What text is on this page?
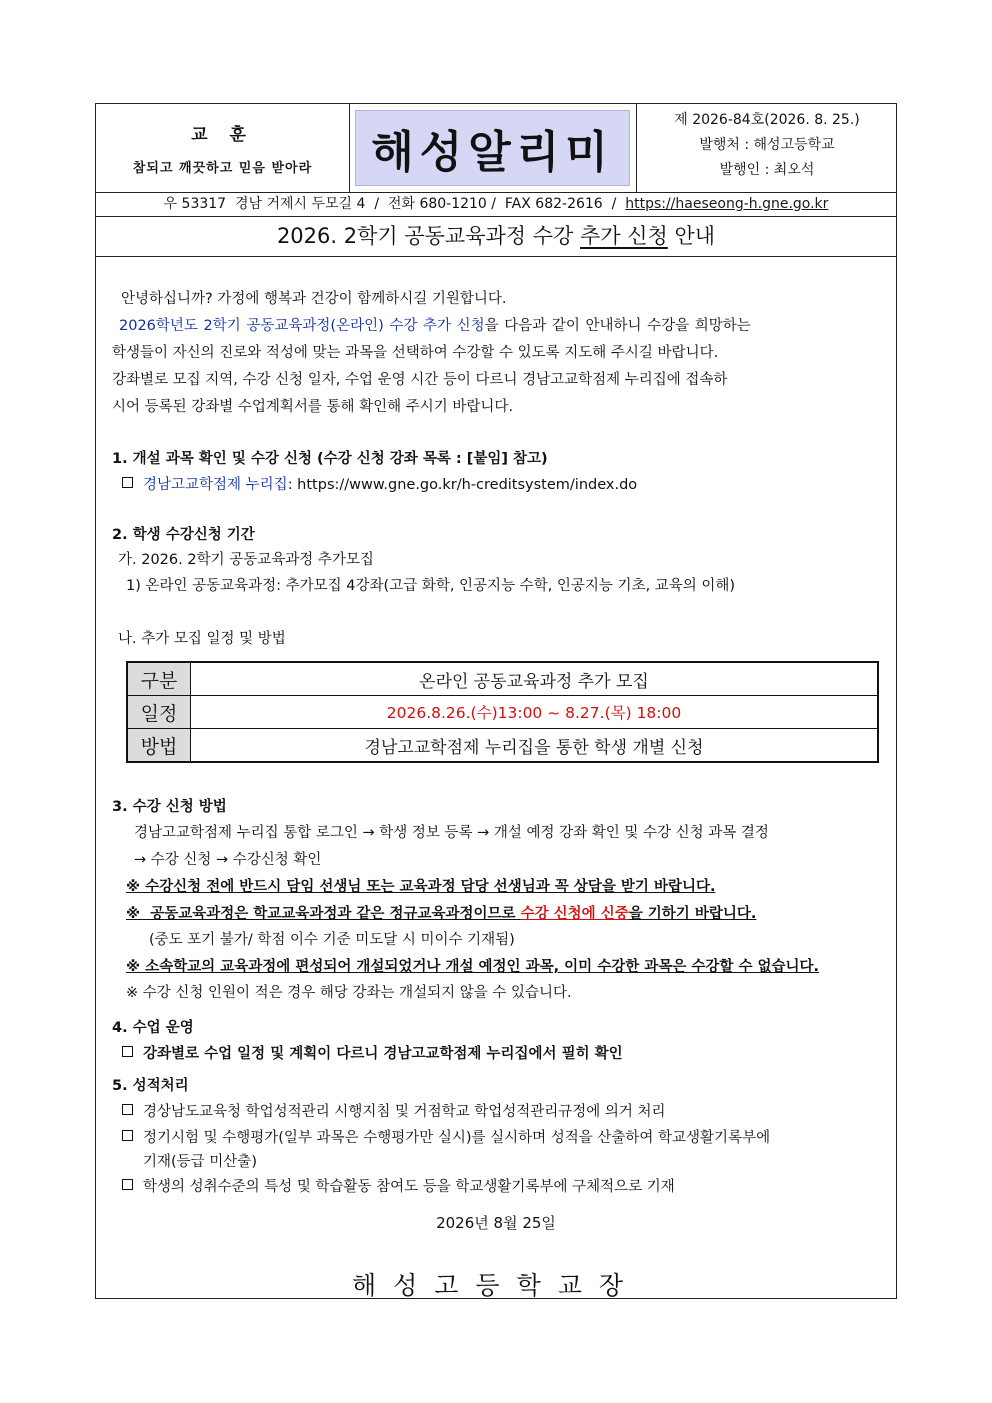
교 훈
참되고 깨끗하고 믿음 받아라	해성알리미
제 2026-84호(2026. 8. 25.)
발행처 : 해성고등학교
발행인 : 최오석
우 53317  경남 거제시 두모길 4  /  전화 680-1210 /  FAX 682-2616  /  https://haeseong-h.gne.go.kr
2026. 2학기 공동교육과정 수강 추가 신청 안내
안녕하십니까? 가정에 행복과 건강이 함께하시길 기원합니다.
2026학년도 2학기 공동교육과정(온라인) 수강 추가 신청을 다음과 같이 안내하니 수강을 희망하는
학생들이 자신의 진로와 적성에 맞는 과목을 선택하여 수강할 수 있도록 지도해 주시길 바랍니다.
강좌별로 모집 지역, 수강 신청 일자, 수업 운영 시간 등이 다르니 경남고교학점제 누리집에 접속하
시어 등록된 강좌별 수업계획서를 통해 확인해 주시기 바랍니다.
1. 개설 과목 확인 및 수강 신청 (수강 신청 강좌 목록 : [붙임] 참고)
경남고교학점제 누리집: https://www.gne.go.kr/h-creditsystem/index.do
2. 학생 수강신청 기간
가. 2026. 2학기 공동교육과정 추가모집
1) 온라인 공동교육과정: 추가모집 4강좌(고급 화학, 인공지능 수학, 인공지능 기초, 교육의 이해)
나. 추가 모집 일정 및 방법
구분	온라인 공동교육과정 추가 모집
일정	2026.8.26.(수)13:00 ~ 8.27.(목) 18:00
방법	경남고교학점제 누리집을 통한 학생 개별 신청
3. 수강 신청 방법
경남고교학점제 누리집 통합 로그인 → 학생 정보 등록 → 개설 예정 강좌 확인 및 수강 신청 과목 결정
→ 수강 신청 → 수강신청 확인
※ 수강신청 전에 반드시 담임 선생님 또는 교육과정 담당 선생님과 꼭 상담을 받기 바랍니다.
※  공동교육과정은 학교교육과정과 같은 정규교육과정이므로 수강 신청에 신중을 기하기 바랍니다.
(중도 포기 불가/ 학점 이수 기준 미도달 시 미이수 기재됨)
※ 소속학교의 교육과정에 편성되어 개설되었거나 개설 예정인 과목, 이미 수강한 과목은 수강할 수 없습니다.
※ 수강 신청 인원이 적은 경우 해당 강좌는 개설되지 않을 수 있습니다.
4. 수업 운영
강좌별로 수업 일정 및 계획이 다르니 경남고교학점제 누리집에서 필히 확인
5. 성적처리
경상남도교육청 학업성적관리 시행지침 및 거점학교 학업성적관리규정에 의거 처리
정기시험 및 수행평가(일부 과목은 수행평가만 실시)를 실시하며 성적을 산출하여 학교생활기록부에
기재(등급 미산출)
학생의 성취수준의 특성 및 학습활동 참여도 등을 학교생활기록부에 구체적으로 기재
2026년 8월 25일
해성고등학교장
